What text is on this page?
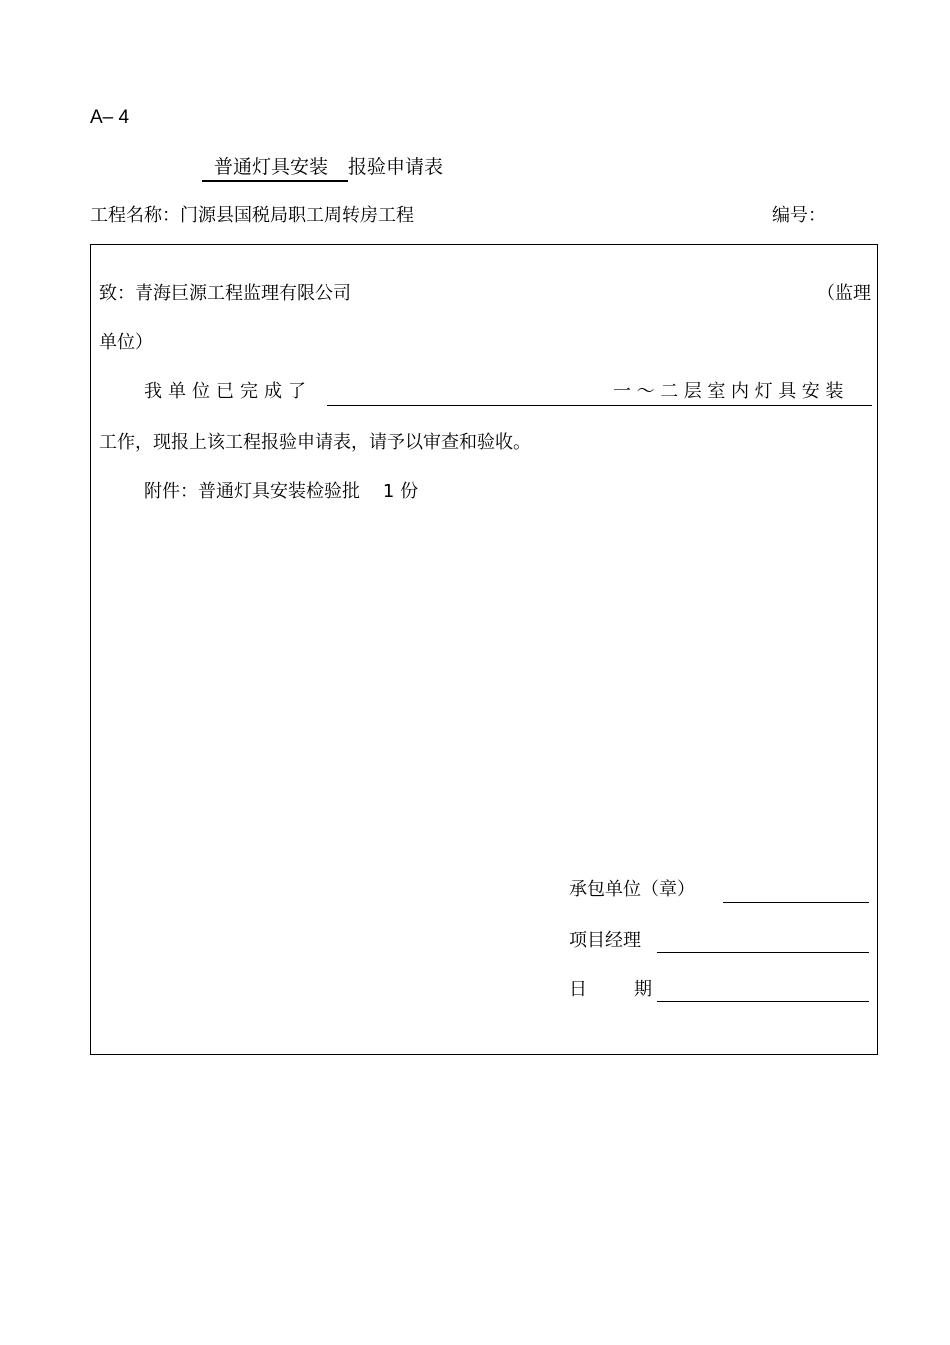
A– 4
普通灯具安装 报验申请表
工程名称：门源县国税局职工周转房工程	编号：
致：青海巨源工程监理有限公司	（监理
单位）
我单位已完成了	一～二层室内灯具安装
工作，现报上该工程报验申请表，请予以审查和验收。
附件：普通灯具安装检验批 1 份
承包单位（章）
项目经理
日	期
